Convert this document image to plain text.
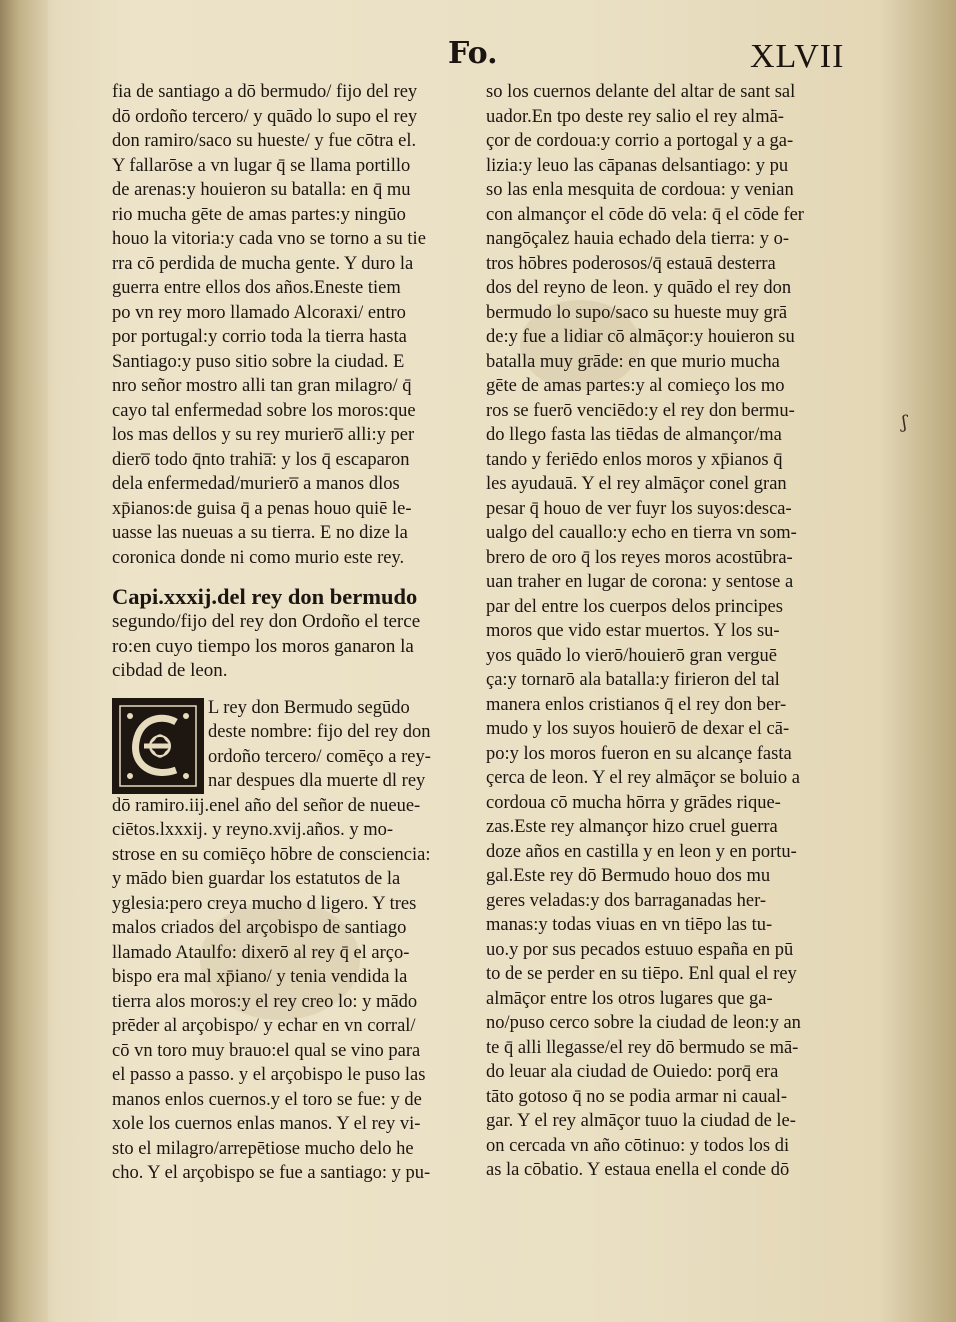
Fo.	XLVII
fia de santiago a dō bermudo/ fijo del rey
dō ordoño tercero/ y quādo lo supo el rey
don ramiro/saco su hueste/ y fue cōtra el.
Y fallarōse a vn lugar q̄ se llama portillo
de arenas:y houieron su batalla: en q̄ mu
rio mucha gēte de amas partes:y ningūo
houo la vitoria:y cada vno se torno a su tie
rra cō perdida de mucha gente. Y duro la
guerra entre ellos dos años.Eneste tiem
po vn rey moro llamado Alcoraxi/ entro
por portugal:y corrio toda la tierra hasta
Santiago:y puso sitio sobre la ciudad. E
nro señor mostro alli tan gran milagro/ q̄
cayo tal enfermedad sobre los moros:que
los mas dellos y su rey muriero̅ alli:y per
diero̅ todo q̄nto trahia̅: y los q̄ escaparon
dela enfermedad/muriero̅ a manos dlos
xp̄ianos:de guisa q̄ a penas houo quiē le-
uasse las nueuas a su tierra. E no dize la
coronica donde ni como murio este rey.
Capi.xxxij.del rey don bermudo
segundo/fijo del rey don Ordoño el terce
ro:en cuyo tiempo los moros ganaron la
cibdad de leon.
L rey don Bermudo segūdo
deste nombre: fijo del rey don
ordoño tercero/ comēço a rey-
nar despues dla muerte dl rey
dō ramiro.iij.enel año del señor de nueue-
ciētos.lxxxij. y reyno.xvij.años. y mo-
strose en su comiēço hōbre de consciencia:
y mādo bien guardar los estatutos de la
yglesia:pero creya mucho d ligero. Y tres
malos criados del arçobispo de santiago
llamado Ataulfo: dixerō al rey q̄ el arço-
bispo era mal xp̄iano/ y tenia vendida la
tierra alos moros:y el rey creo lo: y mādo
prēder al arçobispo/ y echar en vn corral/
cō vn toro muy brauo:el qual se vino para
el passo a passo. y el arçobispo le puso las
manos enlos cuernos.y el toro se fue: y de
xole los cuernos enlas manos. Y el rey vi-
sto el milagro/arrepētiose mucho delo he
cho. Y el arçobispo se fue a santiago: y pu-
so los cuernos delante del altar de sant sal
uador.En tpo deste rey salio el rey almā-
çor de cordoua:y corrio a portogal y a ga-
lizia:y leuo las cāpanas delsantiago: y pu
so las enla mesquita de cordoua: y venian
con almançor el cōde dō vela: q̄ el cōde fer
nangōçalez hauia echado dela tierra: y o-
tros hōbres poderosos/q̄ estauā desterra
dos del reyno de leon. y quādo el rey don
bermudo lo supo/saco su hueste muy grā
de:y fue a lidiar cō almāçor:y houieron su
batalla muy grāde: en que murio mucha
gēte de amas partes:y al comieço los mo
ros se fuerō venciēdo:y el rey don bermu-
do llego fasta las tiēdas de almançor/ma
tando y feriēdo enlos moros y xp̄ianos q̄
les ayudauā. Y el rey almāçor conel gran
pesar q̄ houo de ver fuyr los suyos:desca-
ualgo del cauallo:y echo en tierra vn som-
brero de oro q̄ los reyes moros acostūbra-
uan traher en lugar de corona: y sentose a
par del entre los cuerpos delos principes
moros que vido estar muertos. Y los su-
yos quādo lo vierō/houierō gran verguē
ça:y tornarō ala batalla:y firieron del tal
manera enlos cristianos q̄ el rey don ber-
mudo y los suyos houierō de dexar el cā-
po:y los moros fueron en su alcançe fasta
çerca de leon. Y el rey almāçor se boluio a
cordoua cō mucha hōrra y grādes rique-
zas.Este rey almançor hizo cruel guerra
doze años en castilla y en leon y en portu-
gal.Este rey dō Bermudo houo dos mu
geres veladas:y dos barraganadas her-
manas:y todas viuas en vn tiēpo las tu-
uo.y por sus pecados estuuo españa en pū
to de se perder en su tiēpo. Enl qual el rey
almāçor entre los otros lugares que ga-
no/puso cerco sobre la ciudad de leon:y an
te q̄ alli llegasse/el rey dō bermudo se mā-
do leuar ala ciudad de Ouiedo: porq̄ era
tāto gotoso q̄ no se podia armar ni caual-
gar. Y el rey almāçor tuuo la ciudad de le-
on cercada vn año cōtinuo: y todos los di
as la cōbatio. Y estaua enella el conde dō
ʃ
